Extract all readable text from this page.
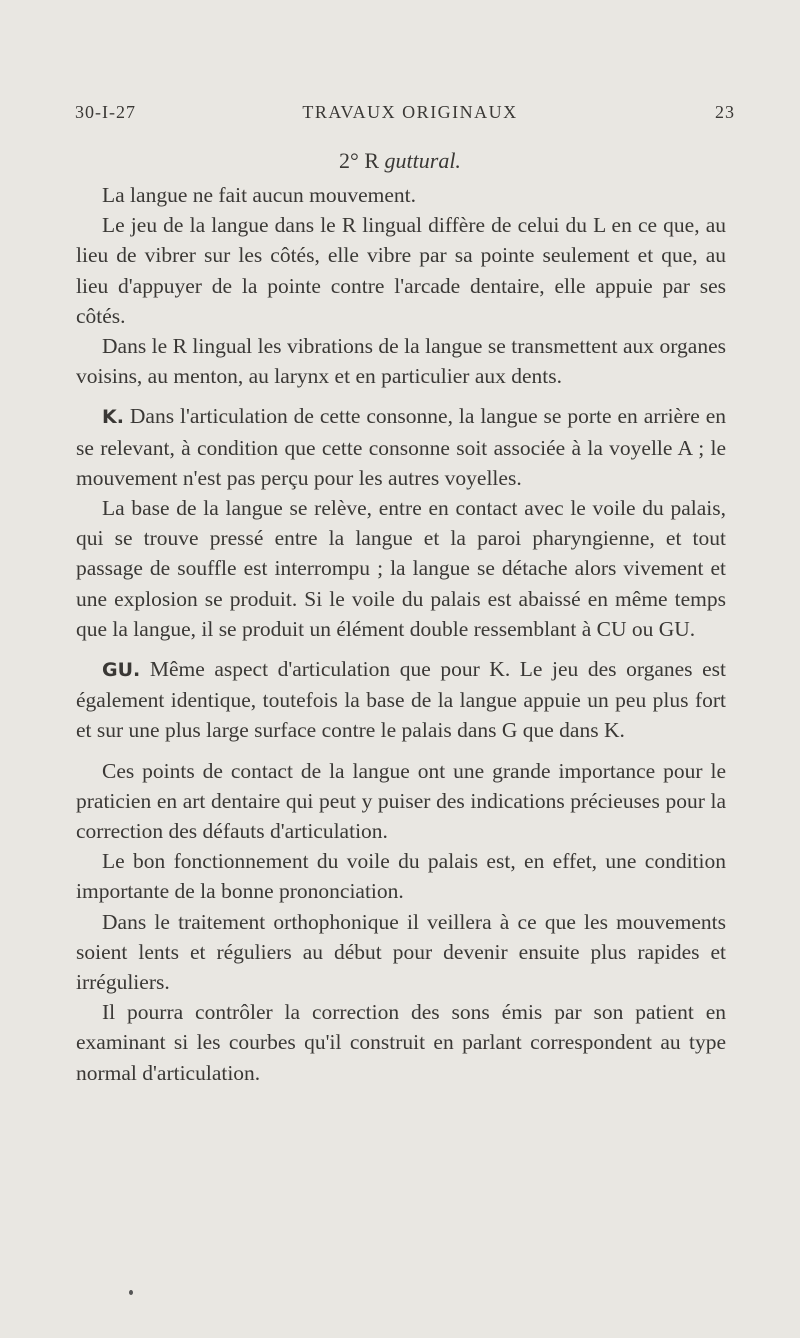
30-I-27	TRAVAUX ORIGINAUX	23
2° R guttural.

La langue ne fait aucun mouvement.

Le jeu de la langue dans le R lingual diffère de celui du L en ce que, au lieu de vibrer sur les côtés, elle vibre par sa pointe seulement et que, au lieu d'appuyer de la pointe contre l'arcade dentaire, elle appuie par ses côtés.

Dans le R lingual les vibrations de la langue se transmettent aux organes voisins, au menton, au larynx et en particulier aux dents.

K. Dans l'articulation de cette consonne, la langue se porte en arrière en se relevant, à condition que cette consonne soit associée à la voyelle A ; le mouvement n'est pas perçu pour les autres voyelles.

La base de la langue se relève, entre en contact avec le voile du palais, qui se trouve pressé entre la langue et la paroi pharyngienne, et tout passage de souffle est interrompu ; la langue se détache alors vivement et une explosion se produit. Si le voile du palais est abaissé en même temps que la langue, il se produit un élément double ressemblant à CU ou GU.

GU. Même aspect d'articulation que pour K. Le jeu des organes est également identique, toutefois la base de la langue appuie un peu plus fort et sur une plus large surface contre le palais dans G que dans K.

Ces points de contact de la langue ont une grande importance pour le praticien en art dentaire qui peut y puiser des indications précieuses pour la correction des défauts d'articulation.

Le bon fonctionnement du voile du palais est, en effet, une condition importante de la bonne prononciation.

Dans le traitement orthophonique il veillera à ce que les mouvements soient lents et réguliers au début pour devenir ensuite plus rapides et irréguliers.

Il pourra contrôler la correction des sons émis par son patient en examinant si les courbes qu'il construit en parlant correspondent au type normal d'articulation.
